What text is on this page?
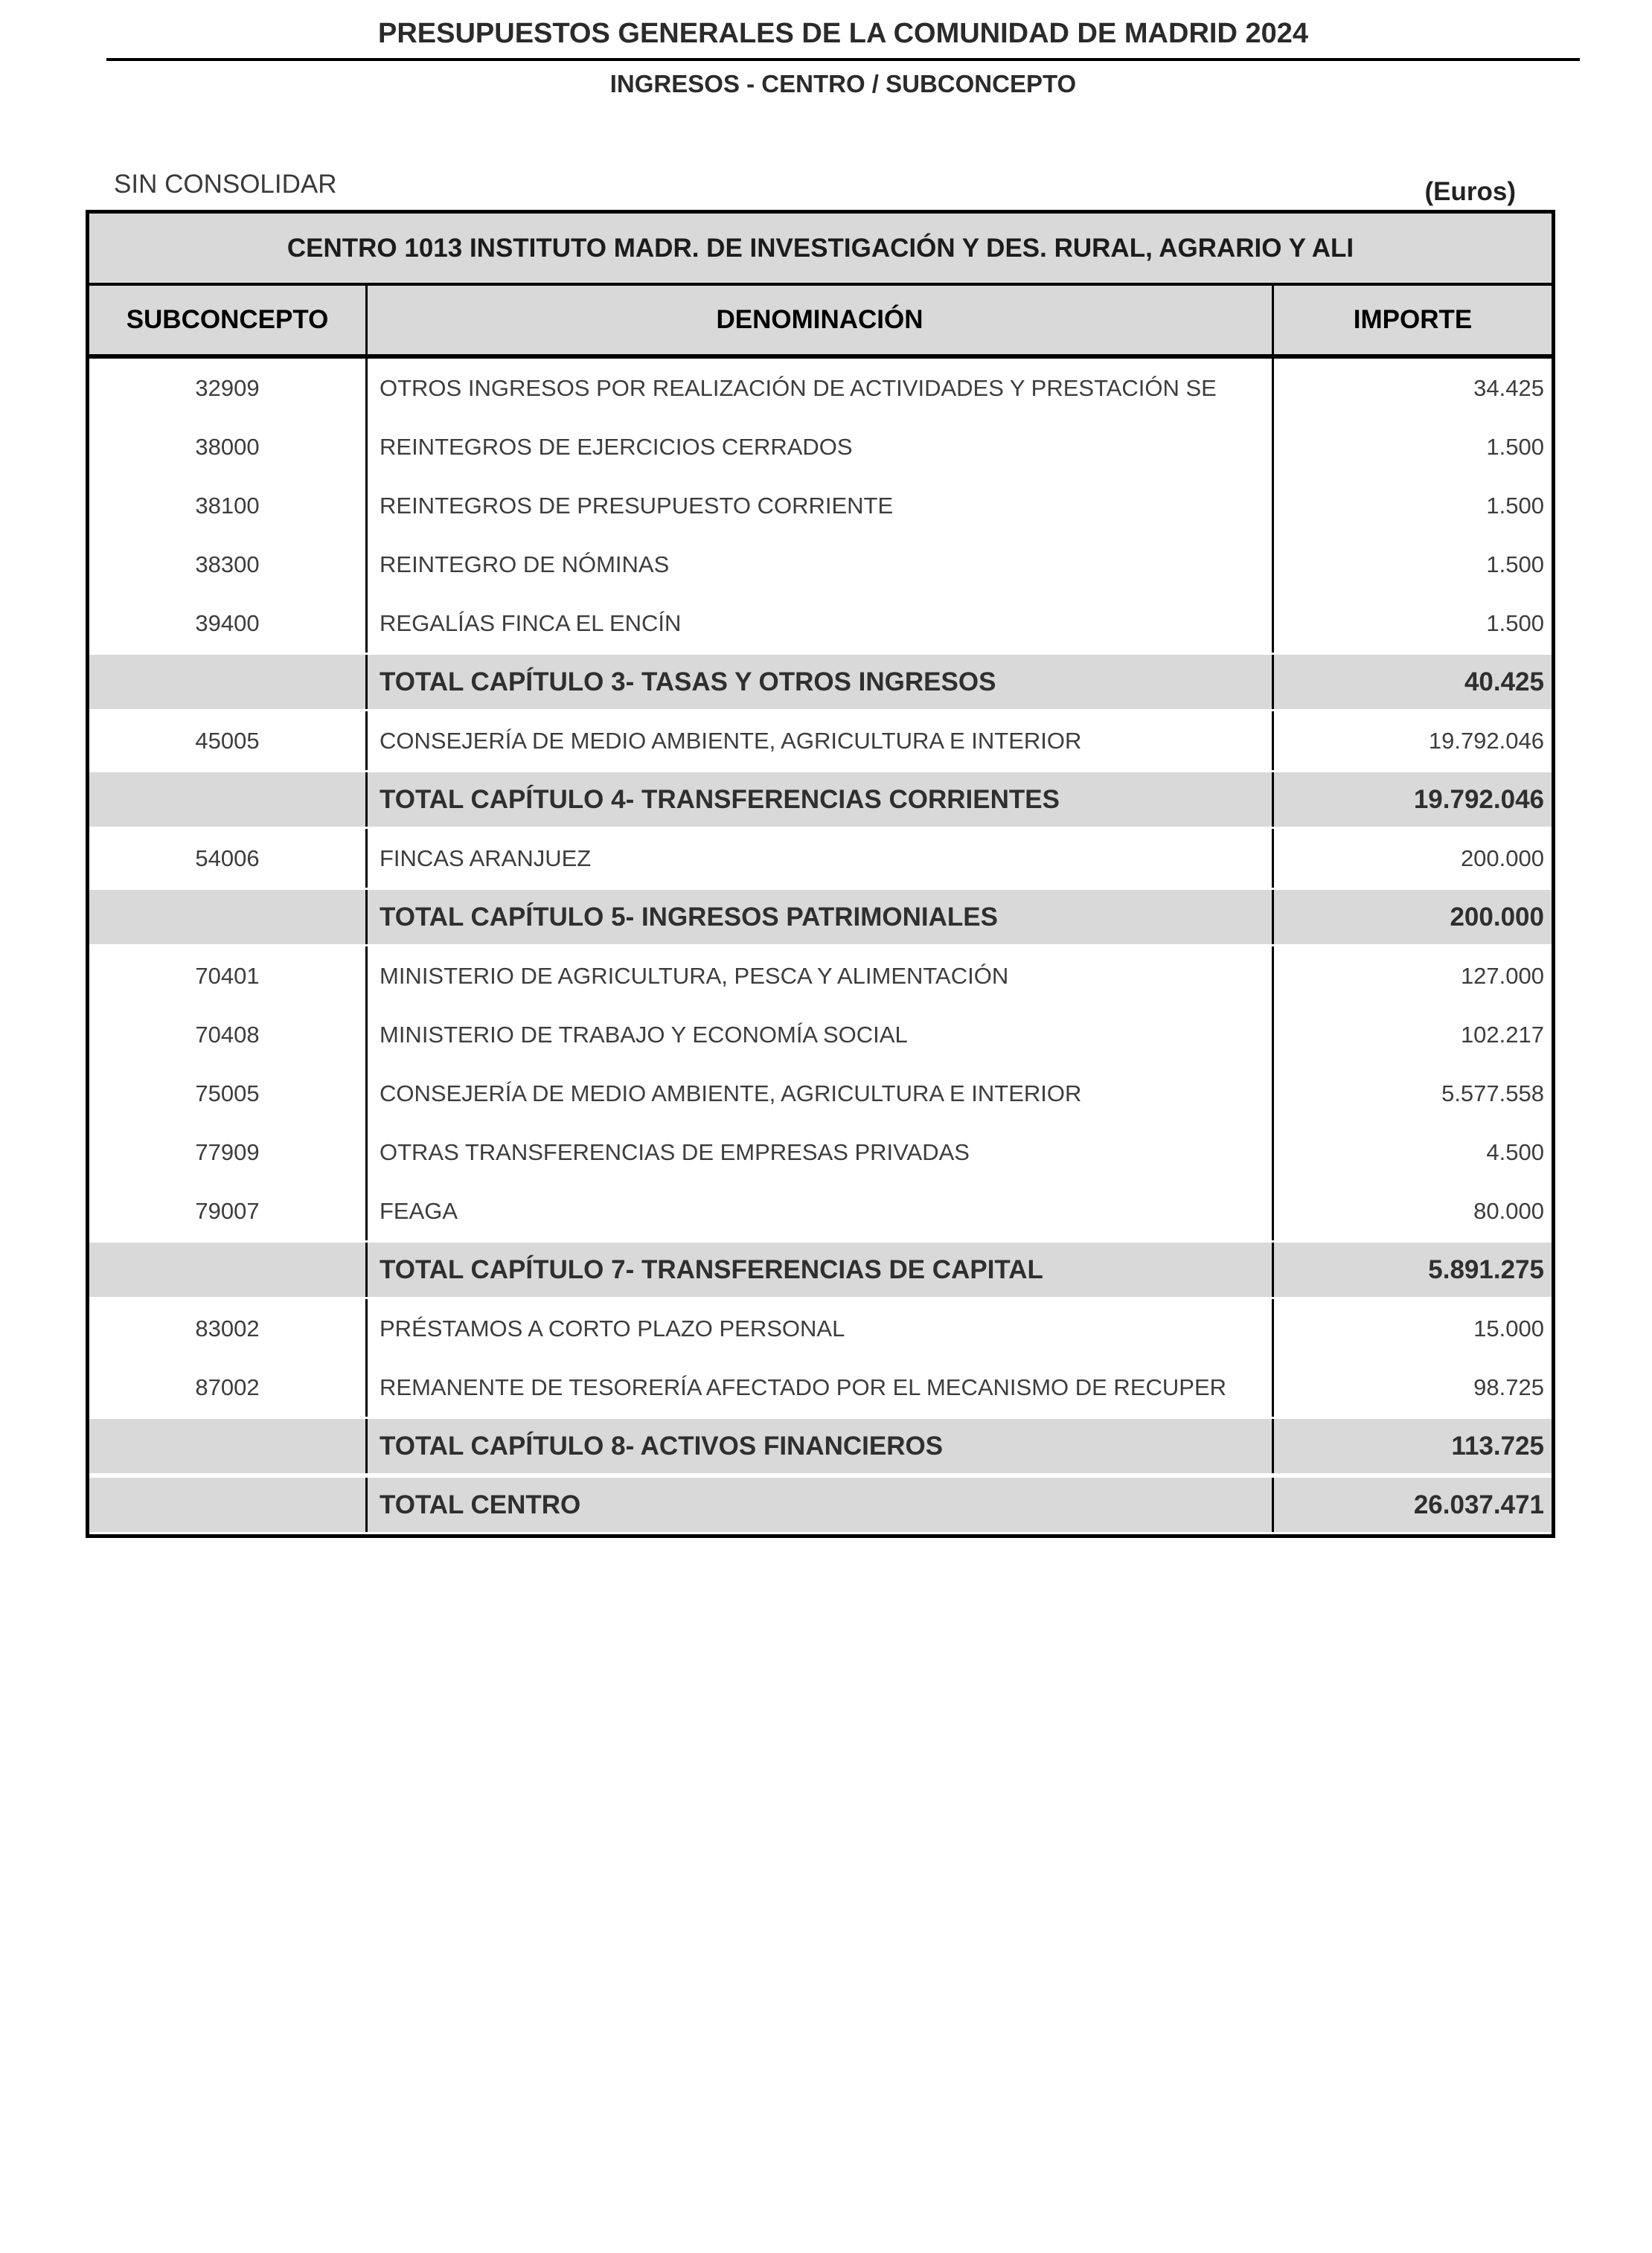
PRESUPUESTOS GENERALES DE LA COMUNIDAD DE MADRID 2024
INGRESOS - CENTRO / SUBCONCEPTO
SIN CONSOLIDAR	(Euros)
CENTRO 1013 INSTITUTO MADR. DE INVESTIGACIÓN Y DES. RURAL, AGRARIO Y ALI
SUBCONCEPTO	DENOMINACIÓN	IMPORTE
32909	OTROS INGRESOS POR REALIZACIÓN DE ACTIVIDADES Y PRESTACIÓN SE	34.425
38000	REINTEGROS DE EJERCICIOS CERRADOS	1.500
38100	REINTEGROS DE PRESUPUESTO CORRIENTE	1.500
38300	REINTEGRO DE NÓMINAS	1.500
39400	REGALÍAS FINCA EL ENCÍN	1.500
TOTAL CAPÍTULO 3- TASAS Y OTROS INGRESOS	40.425
45005	CONSEJERÍA DE MEDIO AMBIENTE, AGRICULTURA E INTERIOR	19.792.046
TOTAL CAPÍTULO 4- TRANSFERENCIAS CORRIENTES	19.792.046
54006	FINCAS ARANJUEZ	200.000
TOTAL CAPÍTULO 5- INGRESOS PATRIMONIALES	200.000
70401	MINISTERIO DE AGRICULTURA, PESCA Y ALIMENTACIÓN	127.000
70408	MINISTERIO DE TRABAJO Y ECONOMÍA SOCIAL	102.217
75005	CONSEJERÍA DE MEDIO AMBIENTE, AGRICULTURA E INTERIOR	5.577.558
77909	OTRAS TRANSFERENCIAS DE EMPRESAS PRIVADAS	4.500
79007	FEAGA	80.000
TOTAL CAPÍTULO 7- TRANSFERENCIAS DE CAPITAL	5.891.275
83002	PRÉSTAMOS A CORTO PLAZO PERSONAL	15.000
87002	REMANENTE DE TESORERÍA AFECTADO POR EL MECANISMO DE RECUPER	98.725
TOTAL CAPÍTULO 8- ACTIVOS FINANCIEROS	113.725
TOTAL CENTRO	26.037.471
